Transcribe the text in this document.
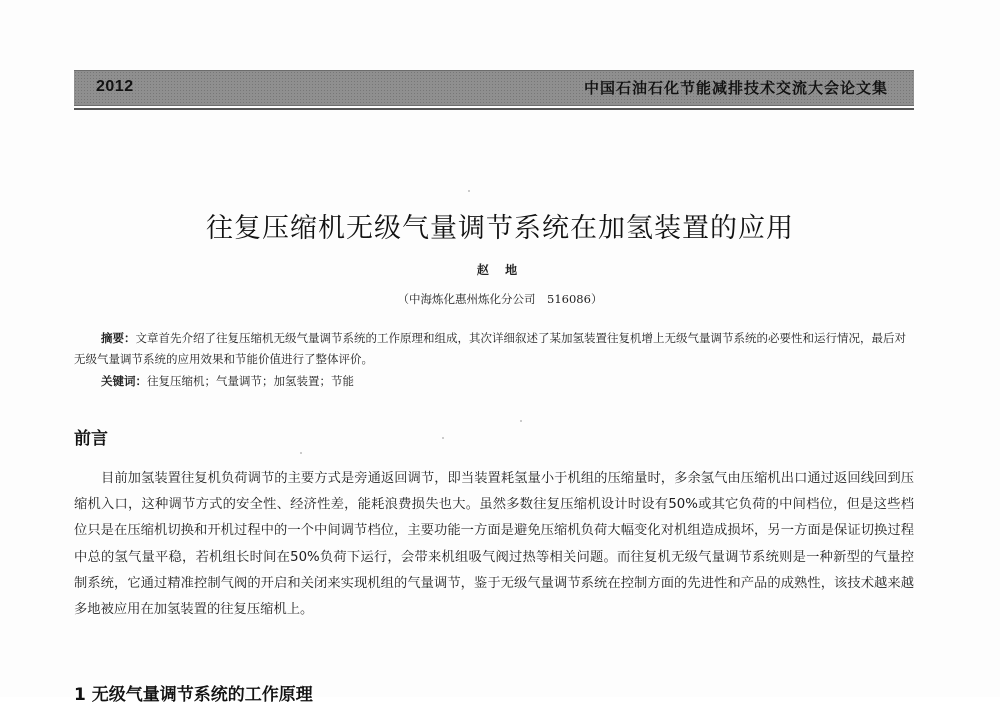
2012	中国石油石化节能减排技术交流大会论文集
往复压缩机无级气量调节系统在加氢装置的应用
赵 地
（中海炼化惠州炼化分公司　516086）
摘要：文章首先介绍了往复压缩机无级气量调节系统的工作原理和组成，其次详细叙述了某加氢装置往复机增上无级气量调节系统的必要性和运行情况，最后对无级气量调节系统的应用效果和节能价值进行了整体评价。
关键词：往复压缩机；气量调节；加氢装置；节能
前言

目前加氢装置往复机负荷调节的主要方式是旁通返回调节，即当装置耗氢量小于机组的压缩量时，多余氢气由压缩机出口通过返回线回到压缩机入口，这种调节方式的安全性、经济性差，能耗浪费损失也大。虽然多数往复压缩机设计时设有50%或其它负荷的中间档位，但是这些档位只是在压缩机切换和开机过程中的一个中间调节档位，主要功能一方面是避免压缩机负荷大幅变化对机组造成损坏，另一方面是保证切换过程中总的氢气量平稳，若机组长时间在50%负荷下运行，会带来机组吸气阀过热等相关问题。而往复机无级气量调节系统则是一种新型的气量控制系统，它通过精准控制气阀的开启和关闭来实现机组的气量调节，鉴于无级气量调节系统在控制方面的先进性和产品的成熟性，该技术越来越多地被应用在加氢装置的往复压缩机上。

1 无级气量调节系统的工作原理
